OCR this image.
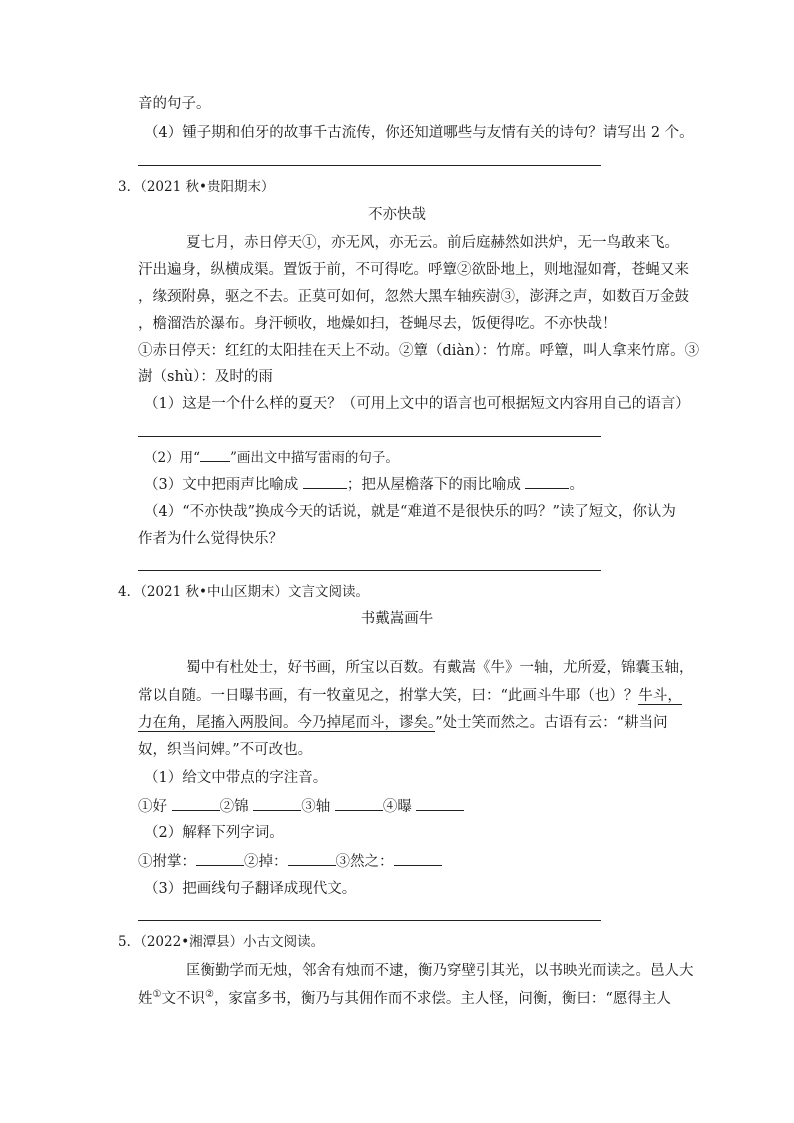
音的句子。
（4）锺子期和伯牙的故事千古流传，你还知道哪些与友情有关的诗句？请写出 2 个。
3．（2021 秋•贵阳期末）
不亦快哉
夏七月，赤日停天①，亦无风，亦无云。前后庭赫然如洪炉，无一鸟敢来飞。
汗出遍身，纵横成渠。置饭于前，不可得吃。呼簟②欲卧地上，则地湿如膏，苍蝇又来
，缘颈附鼻，驱之不去。正莫可如何，忽然大黑车轴疾澍③，澎湃之声，如数百万金鼓
，檐溜浩於瀑布。身汗顿收，地燥如扫，苍蝇尽去，饭便得吃。不亦快哉！
①赤日停天：红红的太阳挂在天上不动。②簟（diàn）：竹席。呼簟，叫人拿来竹席。③
澍（shù）：及时的雨
（1）这是一个什么样的夏天？（可用上文中的语言也可根据短文内容用自己的语言）
（2）用“ ”画出文中描写雷雨的句子。
（3）文中把雨声比喻成	；把从屋檐落下的雨比喻成	。
（4）“不亦快哉”换成今天的话说，就是“难道不是很快乐的吗？”读了短文，你认为
作者为什么觉得快乐？
4．（2021 秋•中山区期末）文言文阅读。
书戴嵩画牛
蜀中有杜处士，好书画，所宝以百数。有戴嵩《牛》一轴，尤所爱，锦囊玉轴，
常以自随。一日曝书画，有一牧童见之，拊掌大笑，曰：“此画斗牛耶（也）？牛斗，
力在角，尾搐入两股间。今乃掉尾而斗，谬矣。”处士笑而然之。古语有云：“耕当问
奴，织当问婢。”不可改也。
（1）给文中带点的字注音。
①好	②锦	③轴	④曝
（2）解释下列字词。
①拊掌：	②掉：	③然之：
（3）把画线句子翻译成现代文。
5．（2022•湘潭县）小古文阅读。
匡衡勤学而无烛，邻舍有烛而不逮，衡乃穿壁引其光，以书映光而读之。邑人大
姓①文不识②，家富多书，衡乃与其佣作而不求偿。主人怪，问衡，衡曰：“愿得主人
